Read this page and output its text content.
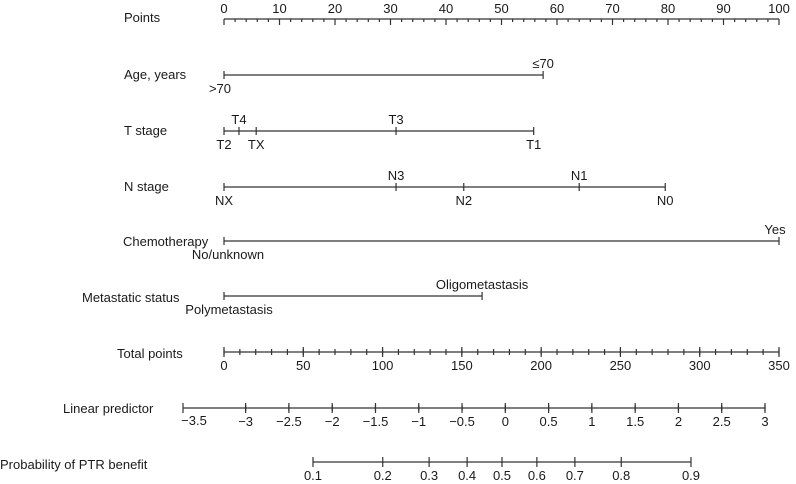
Points
Age, years
T stage
N stage
Chemotherapy
Metastatic status
Total points
Linear predictor
Probability of PTR benefit
0	10	20	30	40	50	60	70	80	90	100
>70
≤70
T2
T4
TX
T3
T1
NX
N3
N2
N1
N0
No/unknown
Yes
Polymetastasis
Oligometastasis
0	50	100	150	200	250	300	350
−3.5 −3 −2.5 −2 −1.5 −1 −0.5 0 0.5 1 1.5 2 2.5 3
0.1	0.2 0.3 0.4 0.5 0.6 0.7 0.8	0.9
